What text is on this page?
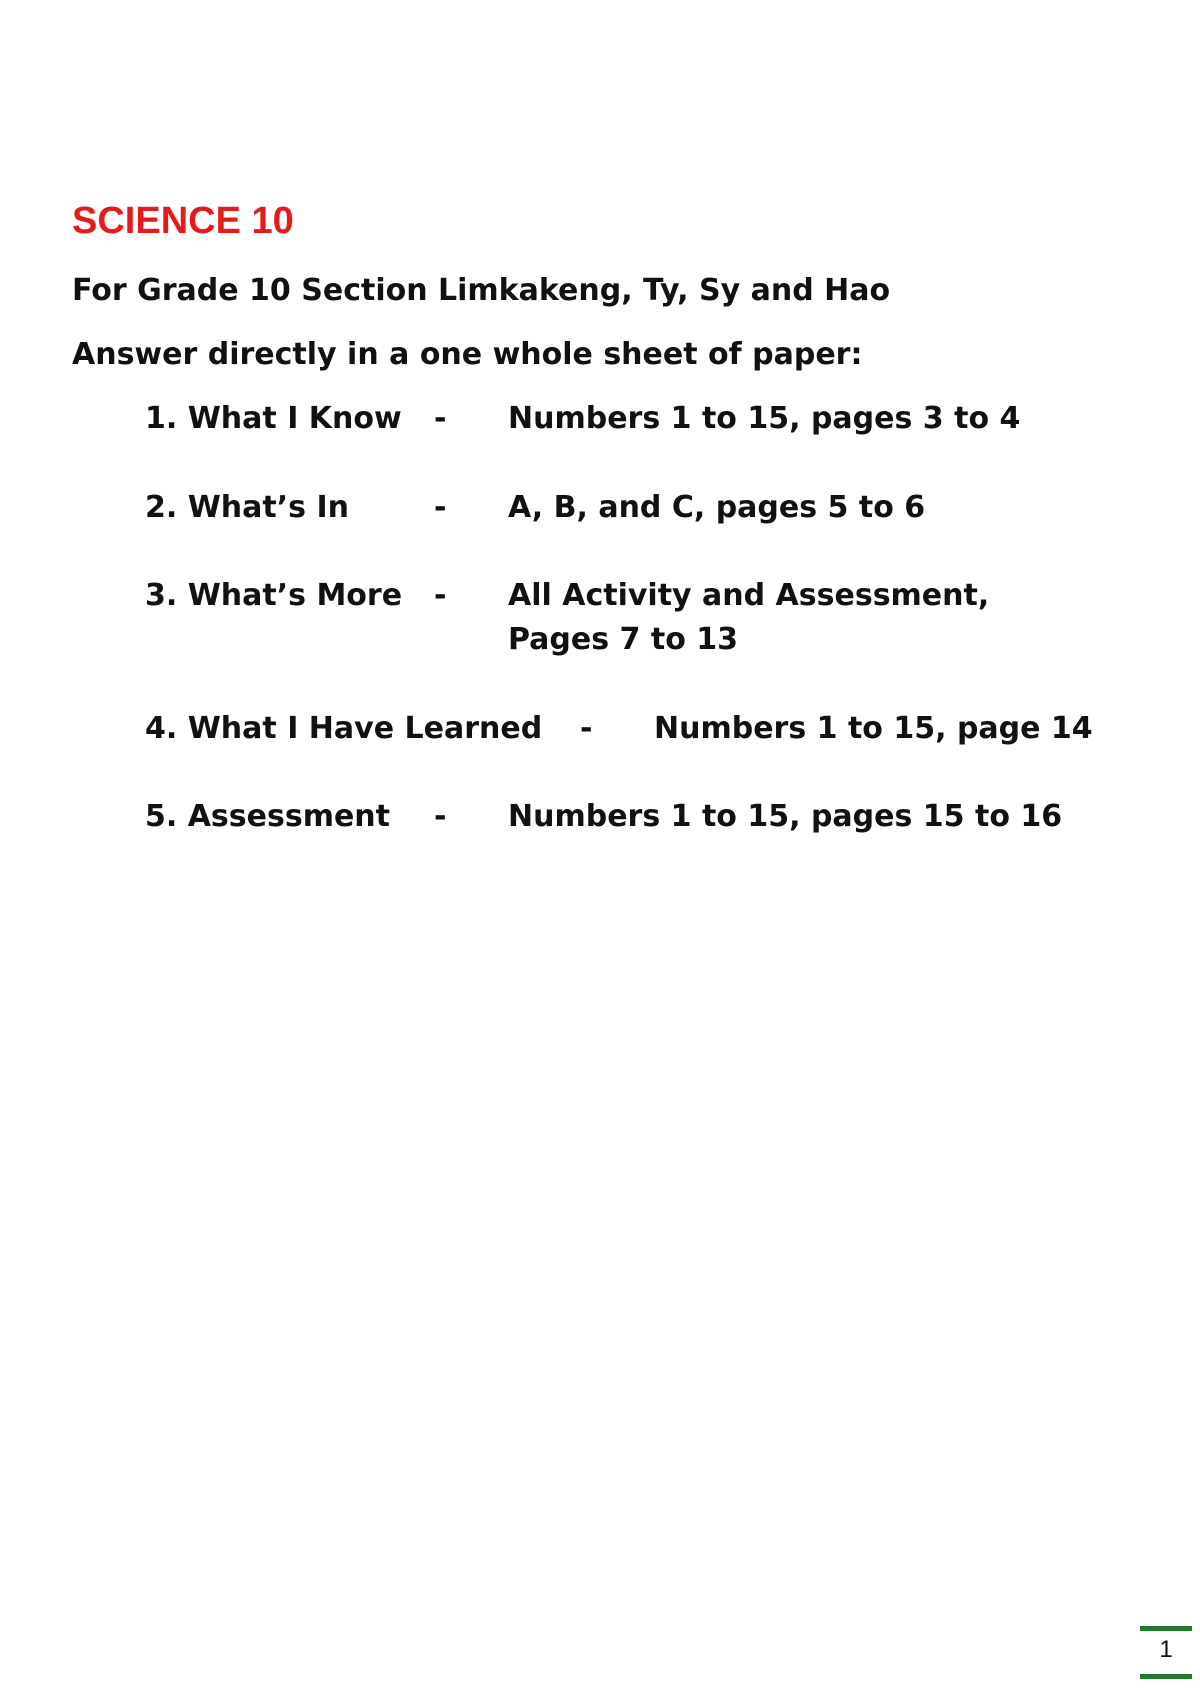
SCIENCE 10
For Grade 10 Section Limkakeng, Ty, Sy and Hao
Answer directly in a one whole sheet of paper:
1. What I Know - Numbers 1 to 15, pages 3 to 4
2. What’s In	- A, B, and C, pages 5 to 6
3. What’s More - All Activity and Assessment,
Pages 7 to 13
4. What I Have Learned - Numbers 1 to 15, page 14
5. Assessment - Numbers 1 to 15, pages 15 to 16
1
